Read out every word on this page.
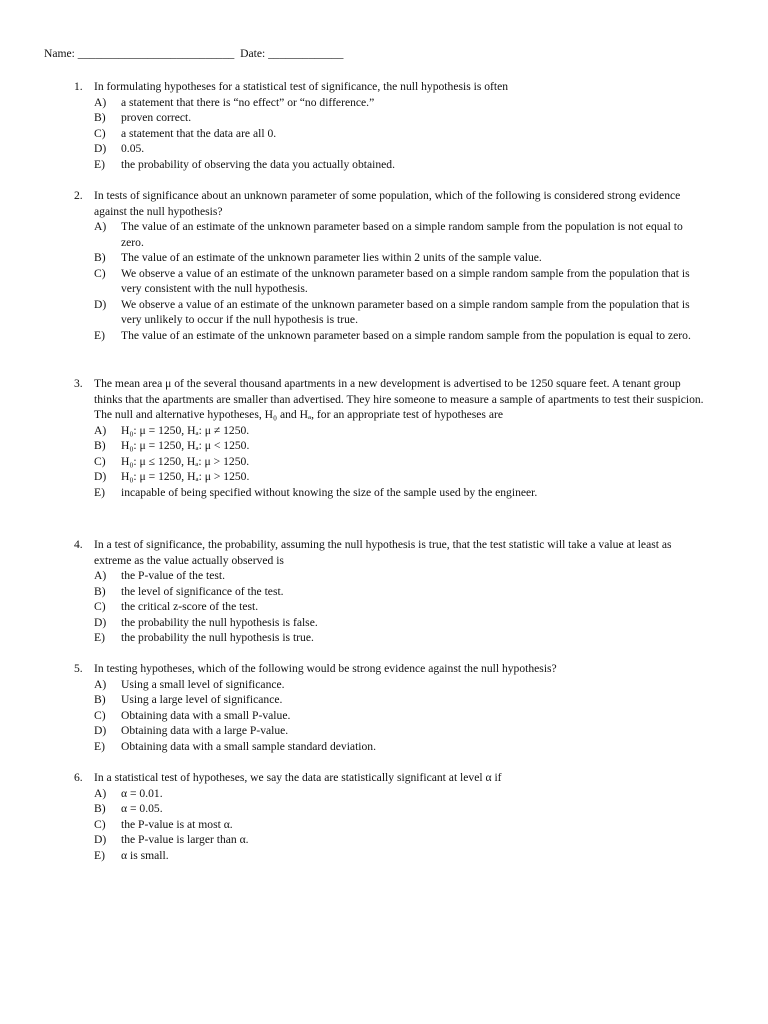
Name: ___________________________  Date: _____________
1. In formulating hypotheses for a statistical test of significance, the null hypothesis is often
A)	a statement that there is “no effect” or “no difference.”
B)	proven correct.
C)	a statement that the data are all 0.
D)	0.05.
E)	the probability of observing the data you actually obtained.
2. In tests of significance about an unknown parameter of some population, which of the following is considered strong evidence against the null hypothesis?
A)	The value of an estimate of the unknown parameter based on a simple random sample from the population is not equal to zero.
B)	The value of an estimate of the unknown parameter lies within 2 units of the sample value.
C)	We observe a value of an estimate of the unknown parameter based on a simple random sample from the population that is very consistent with the null hypothesis.
D)	We observe a value of an estimate of the unknown parameter based on a simple random sample from the population that is very unlikely to occur if the null hypothesis is true.
E)	The value of an estimate of the unknown parameter based on a simple random sample from the population is equal to zero.
3. The mean area μ of the several thousand apartments in a new development is advertised to be 1250 square feet. A tenant group thinks that the apartments are smaller than advertised. They hire someone to measure a sample of apartments to test their suspicion. The null and alternative hypotheses, H₀ and Hₐ, for an appropriate test of hypotheses are
A)	H₀: μ = 1250, Hₐ: μ ≠ 1250.
B)	H₀: μ = 1250, Hₐ: μ < 1250.
C)	H₀: μ ≤ 1250, Hₐ: μ > 1250.
D)	H₀: μ = 1250, Hₐ: μ > 1250.
E)	incapable of being specified without knowing the size of the sample used by the engineer.
4. In a test of significance, the probability, assuming the null hypothesis is true, that the test statistic will take a value at least as extreme as the value actually observed is
A)	the P-value of the test.
B)	the level of significance of the test.
C)	the critical z-score of the test.
D)	the probability the null hypothesis is false.
E)	the probability the null hypothesis is true.
5. In testing hypotheses, which of the following would be strong evidence against the null hypothesis?
A)	Using a small level of significance.
B)	Using a large level of significance.
C)	Obtaining data with a small P-value.
D)	Obtaining data with a large P-value.
E)	Obtaining data with a small sample standard deviation.
6. In a statistical test of hypotheses, we say the data are statistically significant at level α if
A)	α = 0.01.
B)	α = 0.05.
C)	the P-value is at most α.
D)	the P-value is larger than α.
E)	α is small.
